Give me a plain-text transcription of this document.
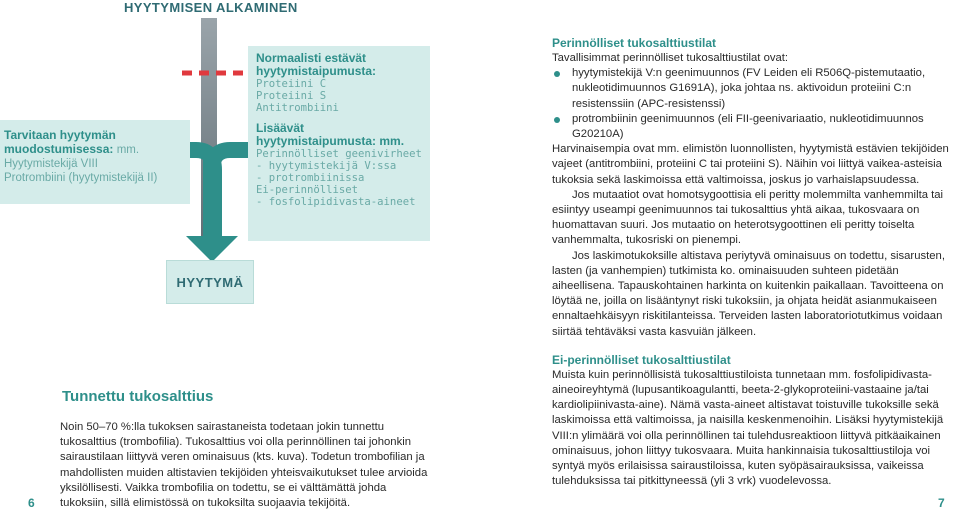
HYYTYMISEN ALKAMINEN
Tarvitaan hyytymän muodostumisessa: mm.
Hyytymistekijä VIII
Protrombiini (hyytymistekijä II)
HYYTYMÄ
Normaalisti estävät hyytymistaipumusta:
Proteiini C
Proteiini S
Antitrombiini
Lisäävät hyytymistaipumusta: mm.
Perinnölliset geenivirheet
- hyytymistekijä V:ssa
- protrombiinissa
Ei-perinnölliset
- fosfolipidivasta-aineet
Perinnölliset tukosalttiustilat

Tavallisimmat perinnölliset tukosalttiustilat ovat:

hyytymistekijä V:n geenimuunnos (FV Leiden eli R506Q-pistemutaatio, nukleotidimuunnos G1691A), joka johtaa ns. aktivoidun proteiini C:n resistenssiin (APC-resistenssi)

protrombiinin geenimuunnos (eli FII-geenivariaatio, nukleotidimuunnos G20210A)

Harvinaisempia ovat mm. elimistön luonnollisten, hyytymistä estävien tekijöiden vajeet (antitrombiini, proteiini C tai proteiini S). Näihin voi liittyä vaikea-asteisia tukoksia sekä laskimoissa että valtimoissa, joskus jo varhaislapsuudessa.

Jos mutaatiot ovat homotsygoottisia eli peritty molemmilta vanhemmilta tai esiintyy useampi geenimuunnos tai tukosalttius yhtä aikaa, tukosvaara on huomattavan suuri. Jos mutaatio on heterotsygoottinen eli peritty toiselta vanhemmalta, tukosriski on pienempi.

Jos laskimotukoksille altistava periytyvä ominaisuus on todettu, sisarusten, lasten (ja vanhempien) tutkimista ko. ominaisuuden suhteen pidetään aiheellisena. Tapauskohtainen harkinta on kuitenkin paikallaan. Tavoitteena on löytää ne, joilla on lisääntynyt riski tukoksiin, ja ohjata heidät asianmukaiseen ennaltaehkäisyyn riskitilanteissa. Terveiden lasten laboratoriotutkimus voidaan siirtää tehtäväksi vasta kasvuiän jälkeen.

Ei-perinnölliset tukosalttiustilat

Muista kuin perinnöllisistä tukosalttiustiloista tunnetaan mm. fosfolipidivasta-aineoireyhtymä (lupusantikoagulantti, beeta-2-glykoproteiini-vastaaine ja/tai kardiolipiinivasta-aine). Nämä vasta-aineet altistavat toistuville tukoksille sekä laskimoissa että valtimoissa, ja naisilla keskenmenoihin. Lisäksi hyytymistekijä VIII:n ylimäärä voi olla perinnöllinen tai tulehdusreaktioon liittyvä pitkäaikainen ominaisuus, johon liittyy tukosvaara. Muita hankinnaisia tukosalttiustiloja voi syntyä myös erilaisissa sairaustiloissa, kuten syöpäsairauksissa, vaikeissa tulehduksissa tai pitkittyneessä (yli 3 vrk) vuodelevossa.

Tunnettu tukosalttius

Noin 50–70 %:lla tukoksen sairastaneista todetaan jokin tunnettu tukosalttius (trombofilia). Tukosalttius voi olla perinnöllinen tai johonkin sairaustilaan liittyvä veren ominaisuus (kts. kuva). Todetun trombofilian ja mahdollisten muiden altistavien tekijöiden yhteisvaikutukset tulee arvioida yksilöllisesti. Vaikka trombofilia on todettu, se ei välttämättä johda tukoksiin, sillä elimistössä on tukoksilta suojaavia tekijöitä.

6	7
